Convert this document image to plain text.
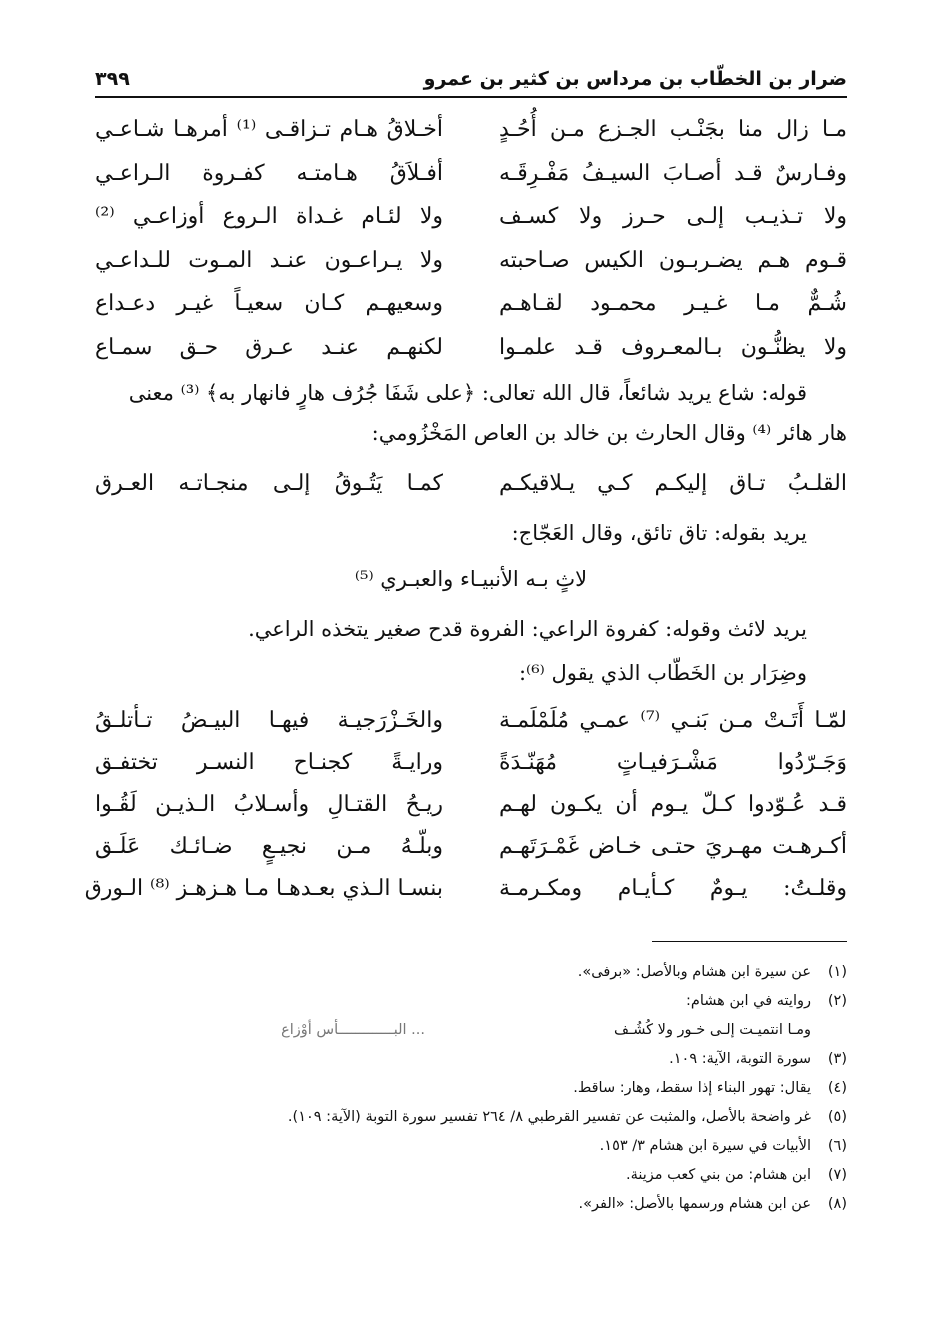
ضرار بن الخطّاب بن مرداس بن كثير بن عمرو
٣٩٩
مـا زال منا بجَنْـب الجـزع مـن أُحُـدٍ
أخـلاقُ هـام تـزاقـى ⁽¹⁾ أمرهـا شـاعـي
وفـارسٌ قـد أصـابَ السيـفُ مَفْـرِقَـه
أفـلاَقُ هـامتـه كفـروة الـراعـي
ولا تـذيـب إلـى حـرز ولا كسـف
ولا لئـام غـداة الـروع أوزاعـي ⁽²⁾
قـوم هـم يضـربـون الكيس صـاحبته
ولا يـراعـون عنـد المـوت للـداعـي
شُـمٌّ مـا غـيـر محمـود لقـاهـم
وسعيهـم كـان سعيـاً غيـر دعـداع
ولا يظنُّـون بـالمعـروف قـد علمـوا
لكنهـم عنـد عـرق حـق سمـاع

قوله: شاع يريد شائعاً، قال الله تعالى: ﴿على شَفَا جُرُف هارٍ فانهار به﴾ ⁽³⁾ معنى
هار هائر ⁽⁴⁾ وقال الحارث بن خالد بن العاص المَخْزُومي:

القلـبُ تـاق إليكـم كـي يـلاقيكـم
كمـا يَتُـوقُ إلـى منجـاتـه العـرق

يريد بقوله: تاق تائق، وقال العَجّاج:

لاثٍ بـه الأنبيـاء والعبـري ⁽⁵⁾

يريد لائث وقوله: كفروة الراعي: الفروة قدح صغير يتخذه الراعي.

وضِرَار بن الخَطّاب الذي يقول ⁽⁶⁾:

لمّـا أَتَـتْ مـن بَنـي ⁽⁷⁾ عمـي مُلَمْلَمـة
والخَـزْرَجيـة فيهـا البيـضُ تـأتلـقُ
وَجَـرّدُوا مَشْـرَفيـاتٍ مُهَنّـدَةً
ورايـةً كجنـاح النسـر تختفـق
قـد عُـوّدوا كـلّ يـوم أن يكـون لهـم
ريـحُ القتـالِ وأسـلابُ الـذيـن لَقُـوا
أكـرهـت مهـريَ حتـى خـاض غَمْـرَتَهـم
وبلّـهُ مـن نجيـعٍ ضـائـك عَلَـق
وقلـتُ: يـومٌ كـأيـام ومكـرمـة
بنسـا الـذي بعـدهـا مـا هـزهـز ⁽⁸⁾ الـورق
(١)
عن سيرة ابن هشام وبالأصل: «برفى».
(٢)
روايته في ابن هشام:
ومـا انتميـت إلـى خـور ولا كُشُـف
... البـــــــــــــأس أوْزاع
(٣)
سورة التوبة، الآية: ١٠٩.
(٤)
يقال: تهور البناء إذا سقط، وهار: ساقط.
(٥)
غر واضحة بالأصل، والمثبت عن تفسير القرطبي ٨/ ٢٦٤ تفسير سورة التوبة (الآية: ١٠٩).
(٦)
الأبيات في سيرة ابن هشام ٣/ ١٥٣.
(٧)
ابن هشام: من بني كعب مزينة.
(٨)
عن ابن هشام ورسمها بالأصل: «الفر».
